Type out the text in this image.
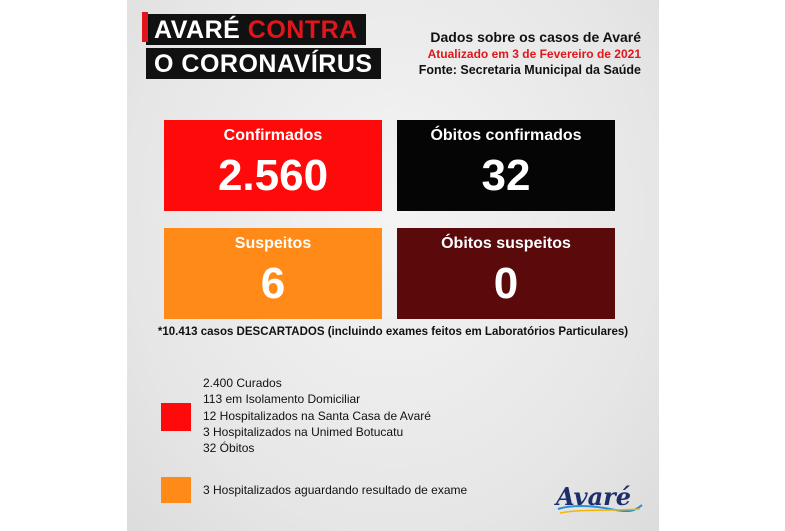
AVARÉ CONTRA
O CORONAVÍRUS
Dados sobre os casos de Avaré
Atualizado em 3 de Fevereiro de 2021
Fonte: Secretaria Municipal da Saúde
Confirmados
2.560
Óbitos confirmados
32
Suspeitos
6
Óbitos suspeitos
0
*10.413 casos DESCARTADOS (incluindo exames feitos em Laboratórios Particulares)
2.400 Curados
113 em Isolamento Domiciliar
12 Hospitalizados na Santa Casa de Avaré
3 Hospitalizados na Unimed Botucatu
32 Óbitos
3 Hospitalizados aguardando resultado de exame	Avaré
